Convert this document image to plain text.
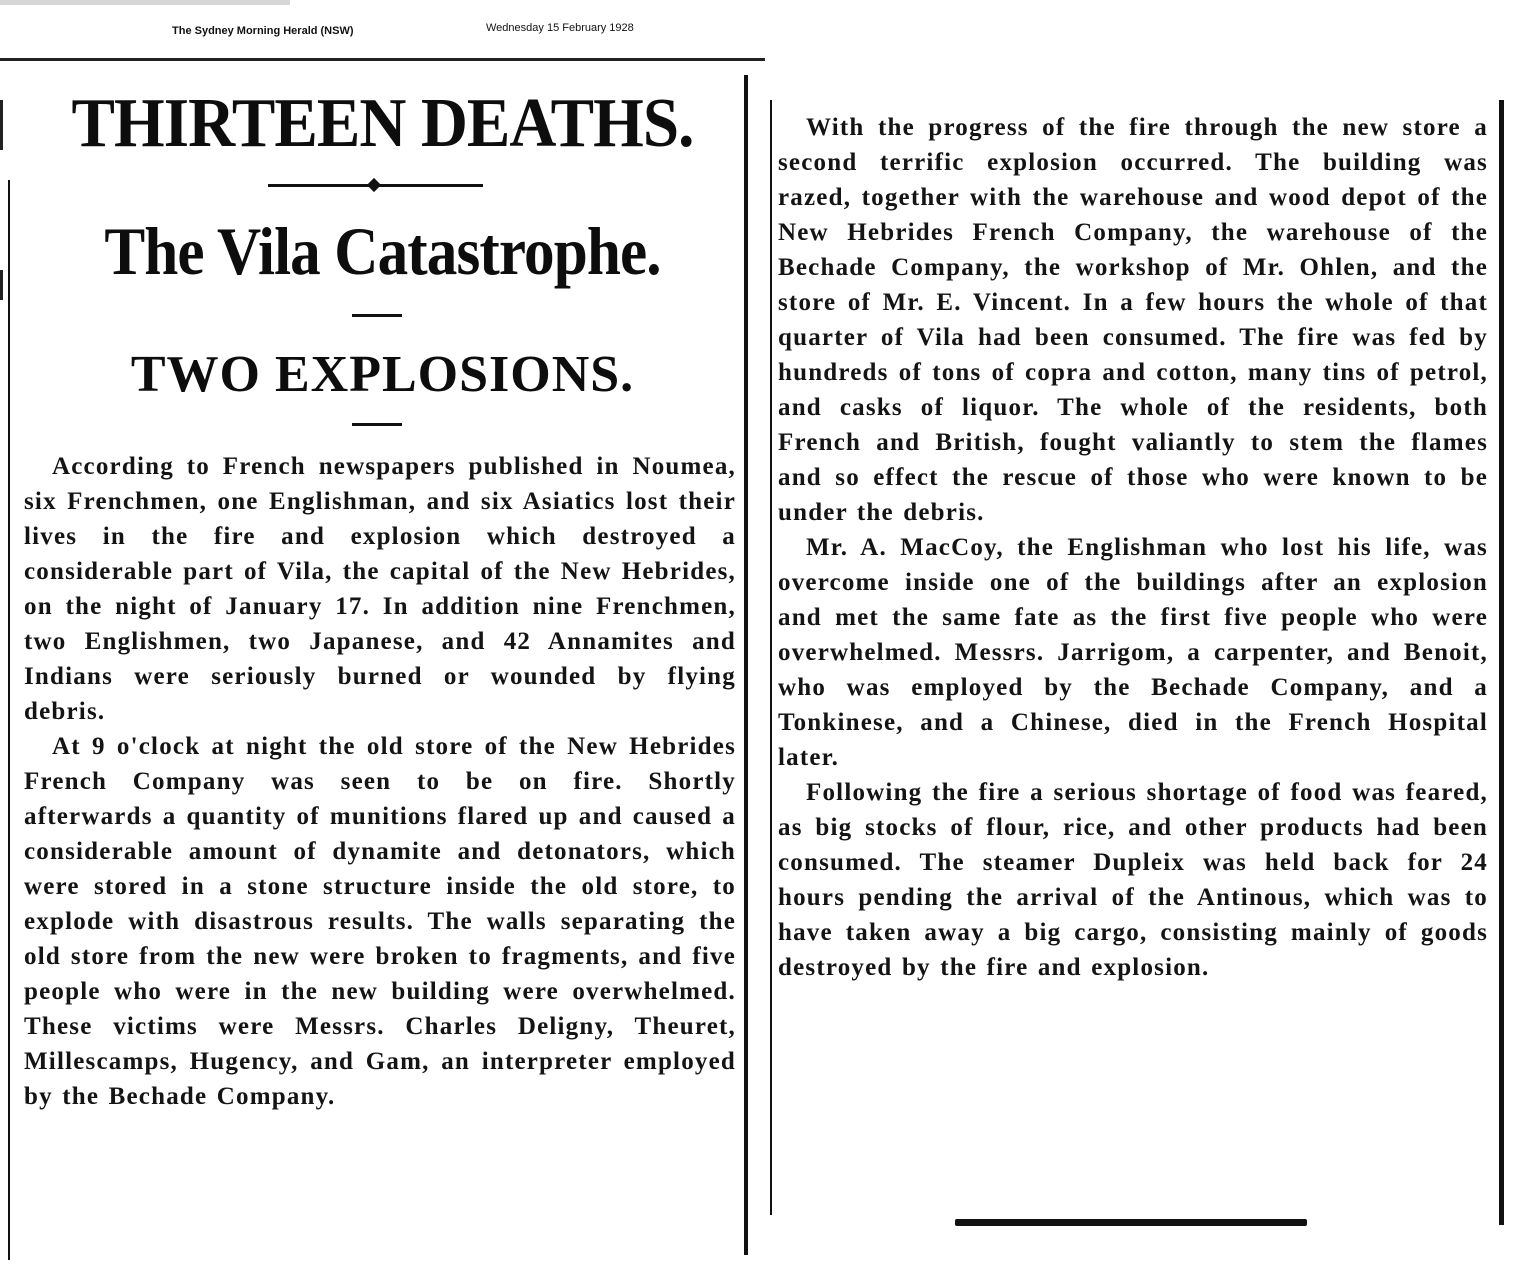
The Sydney Morning Herald (NSW)	Wednesday 15 February 1928
THIRTEEN DEATHS.
The Vila Catastrophe.
TWO EXPLOSIONS.

According to French newspapers published in Noumea, six Frenchmen, one Englishman, and six Asiatics lost their lives in the fire and explosion which destroyed a considerable part of Vila, the capital of the New Hebrides, on the night of January 17. In addition nine Frenchmen, two Englishmen, two Japanese, and 42 Annamites and Indians were seriously burned or wounded by flying debris.

At 9 o'clock at night the old store of the New Hebrides French Company was seen to be on fire. Shortly afterwards a quantity of munitions flared up and caused a considerable amount of dynamite and detonators, which were stored in a stone structure inside the old store, to explode with disastrous results. The walls separating the old store from the new were broken to fragments, and five people who were in the new building were overwhelmed. These victims were Messrs. Charles Deligny, Theuret, Millescamps, Hugency, and Gam, an interpreter employed by the Bechade Company.

With the progress of the fire through the new store a second terrific explosion occurred. The building was razed, together with the warehouse and wood depot of the New Hebrides French Company, the warehouse of the Bechade Company, the workshop of Mr. Ohlen, and the store of Mr. E. Vincent. In a few hours the whole of that quarter of Vila had been consumed. The fire was fed by hundreds of tons of copra and cotton, many tins of petrol, and casks of liquor. The whole of the residents, both French and British, fought valiantly to stem the flames and so effect the rescue of those who were known to be under the debris.

Mr. A. MacCoy, the Englishman who lost his life, was overcome inside one of the buildings after an explosion and met the same fate as the first five people who were overwhelmed. Messrs. Jarrigom, a carpenter, and Benoit, who was employed by the Bechade Company, and a Tonkinese, and a Chinese, died in the French Hospital later.

Following the fire a serious shortage of food was feared, as big stocks of flour, rice, and other products had been consumed. The steamer Dupleix was held back for 24 hours pending the arrival of the Antinous, which was to have taken away a big cargo, consisting mainly of goods destroyed by the fire and explosion.
